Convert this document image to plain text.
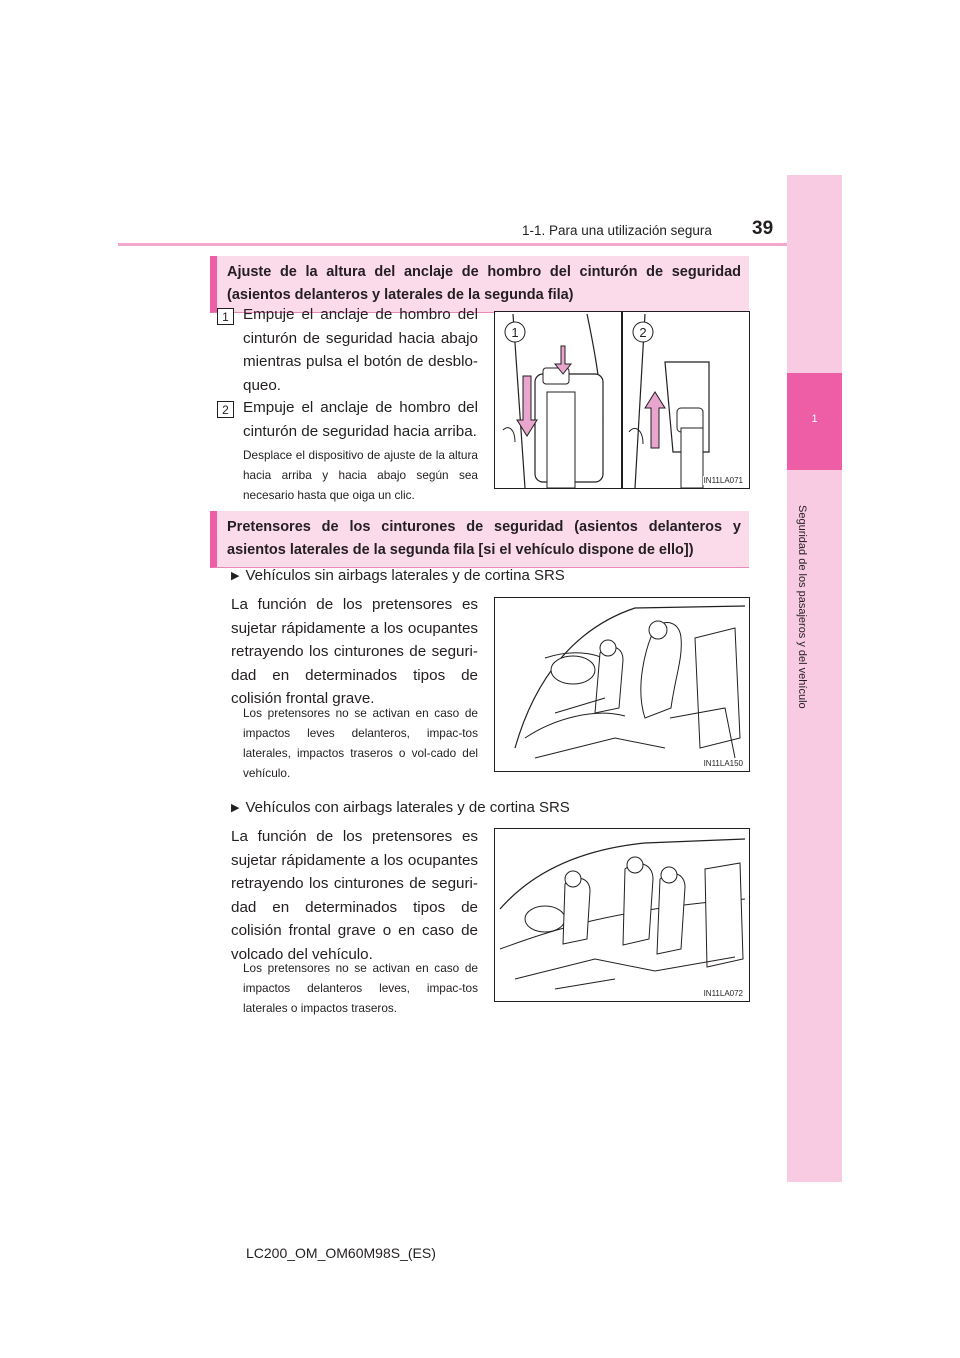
1-1. Para una utilización segura 39
1
Seguridad de los pasajeros y del vehículo
Ajuste de la altura del anclaje de hombro del cinturón de seguridad (asientos delanteros y laterales de la segunda fila)
1 Empuje el anclaje de hombro del cinturón de seguridad hacia abajo mientras pulsa el botón de desblo-queo.
2 Empuje el anclaje de hombro del cinturón de seguridad hacia arriba.
Desplace el dispositivo de ajuste de la altura hacia arriba y hacia abajo según sea necesario hasta que oiga un clic.
1	2
IN11LA071
Pretensores de los cinturones de seguridad (asientos delanteros y asientos laterales de la segunda fila [si el vehículo dispone de ello])
▶ Vehículos sin airbags laterales y de cortina SRS
La función de los pretensores es sujetar rápidamente a los ocupantes retrayendo los cinturones de seguri-dad en determinados tipos de colisión frontal grave.
Los pretensores no se activan en caso de impactos leves delanteros, impac-tos laterales, impactos traseros o vol-cado del vehículo.
IN11LA150
▶ Vehículos con airbags laterales y de cortina SRS
La función de los pretensores es sujetar rápidamente a los ocupantes retrayendo los cinturones de seguri-dad en determinados tipos de colisión frontal grave o en caso de volcado del vehículo.
Los pretensores no se activan en caso de impactos delanteros leves, impac-tos laterales o impactos traseros.
IN11LA072
LC200_OM_OM60M98S_(ES)
